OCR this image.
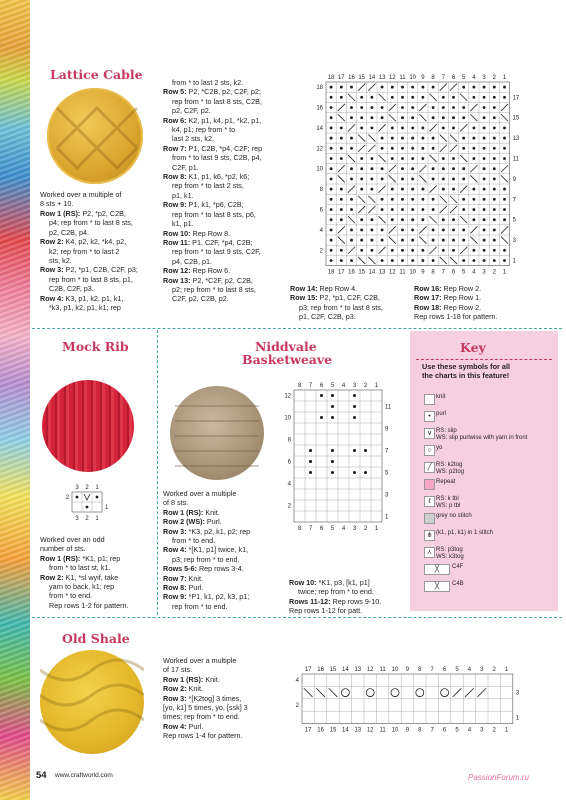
Lattice Cable
Worked over a multiple of
8 sts + 10.
Row 1 (RS): P2, *p2, C2B,
p4; rep from * to last 8 sts,
p2, C2B, p4.
Row 2: K4, p2, k2, *k4, p2,
k2; rep from * to last 2
sts, k2.
Row 3: P2, *p1, C2B, C2F, p3;
rep from * to last 8 sts, p1,
C2B, C2F, p3.
Row 4: K3, p1, k2, p1, k1,
*k3, p1, k2, p1, k1; rep
from * to last 2 sts, k2.
Row 5: P2, *C2B, p2, C2F, p2;
rep from * to last 8 sts, C2B,
p2, C2F, p2.
Row 6: K2, p1, k4, p1, *k2, p1,
k4, p1; rep from * to
last 2 sts, k2.
Row 7: P1, C2B, *p4, C2F; rep
from * to last 9 sts, C2B, p4,
C2F, p1.
Row 8: K1, p1, k6, *p2, k6;
rep from * to last 2 sts,
p1, k1.
Row 9: P1, k1, *p6, C2B;
rep from * to last 8 sts, p6,
k1, p1.
Row 10: Rep Row 8.
Row 11: P1, C2F, *p4, C2B;
rep from * to last 9 sts, C2F,
p4, C2B, p1.
Row 12: Rep Row 6.
Row 13: P2, *C2F, p2, C2B,
p2; rep from * to last 8 sts,
C2F, p2, C2B, p2.
Row 14: Rep Row 4.
Row 15: P2, *p1, C2F, C2B,
p3; rep from * to last 8 sts,
p1, C2F, C2B, p3.
Row 16: Rep Row 2.
Row 17: Rep Row 1.
Row 18: Rep Row 2.
Rep rows 1-18 for pattern.
18
18
17
17
16
16
15
15
14
14
13
13
12
12
11
11
10
10
9
9
8
8
7
7
6
6
5
5
4
4
3
3
2
2
1
1
18
16
14
12
10
8
6
4
2
17
15
13
11
9
7
5
3
1
Mock Rib
3
3
2
2
1
1
2
1
Worked over an odd
number of sts.
Row 1 (RS): *K1, p1; rep
from * to last st, k1.
Row 2: K1, *sl wyif, take
yarn to back, k1; rep
from * to end.
Rep rows 1-2 for pattern.
Niddvale
Basketweave
8
8
7
7
6
6
5
5
4
4
3
3
2
2
1
1
12
10
8
6
4
2
11
9
7
5
3
1
Worked over a multiple
of 8 sts.
Row 1 (RS): Knit.
Row 2 (WS): Purl.
Row 3: *K3, p2, k1, p2; rep
from * to end.
Row 4: *[K1, p1] twice, k1,
p3; rep from * to end.
Rows 5-6: Rep rows 3-4.
Row 7: Knit.
Row 8: Purl.
Row 9: *P1, k1, p2, k3, p1;
rep from * to end.
Row 10: *K1, p3, [k1, p1]
twice; rep from * to end.
Rows 11-12: Rep rows 9-10.
Rep rows 1-12 for patt.
Key
Use these symbols for all
the charts in this feature!
knit
• purl
∨ RS: slip
WS: slip purlwise with yarn in front
○ yo
╱ RS: k2tog
WS: p2tog
Repeat
ℓ RS: k tbl
WS: p tbl
grey no stitch
⋔ (k1, p1, k1) in 1 stitch
⋏ RS: p3tog
WS: k3tog
╳	C4F
╳	C4B
Old Shale
Worked over a multiple
of 17 sts.
Row 1 (RS): Knit.
Row 2: Knit.
Row 3: *[K2tog] 3 times,
[yo, k1] 5 times, yo, [ssk] 3
times; rep from * to end.
Row 4: Purl.
Rep rows 1-4 for pattern.
17
17
16
16
15
15
14
14
13
13
12
12
11
11
10
10
9
9
8
8
7
7
6
6
5
5
4
4
3
3
2
2
1
1
4
2
3
1
54 www.craftworld.com	PassionForum.ru
